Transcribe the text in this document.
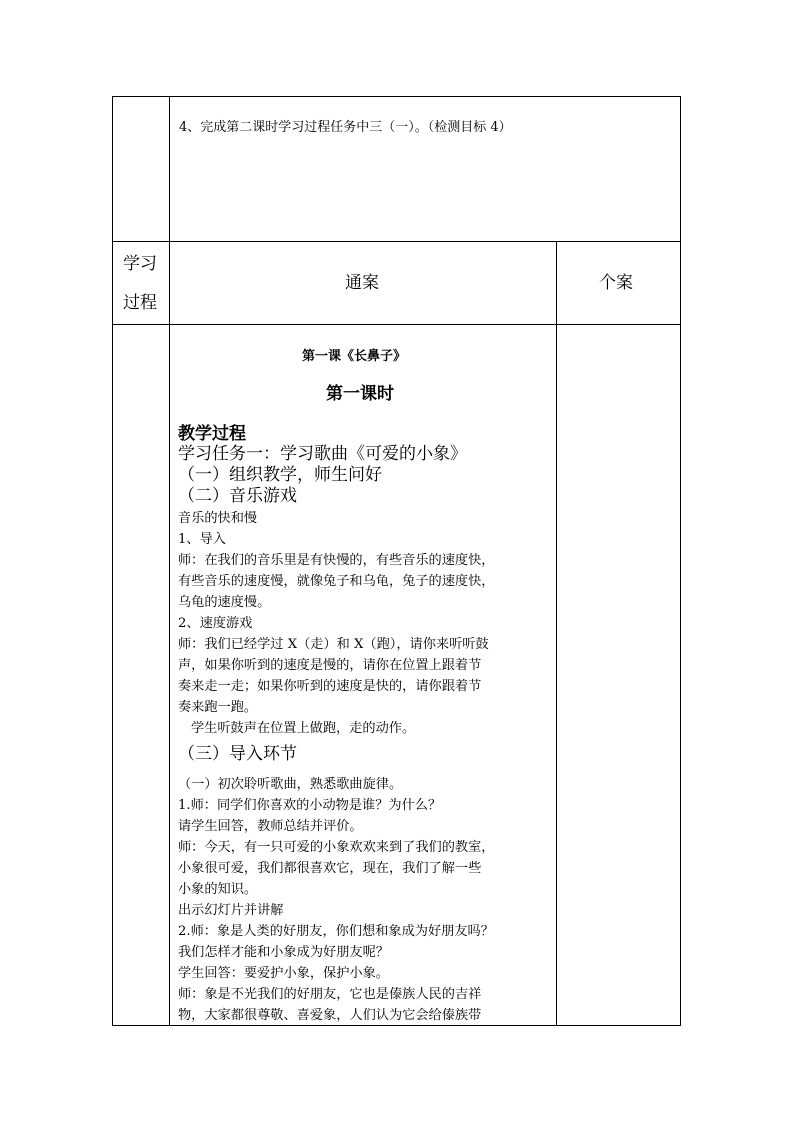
4、完成第二课时学习过程任务中三（一）。（检测目标 4）
学习
过程
通案	个案
第一课《长鼻子》
第一课时
教学过程
学习任务一：学习歌曲《可爱的小象》
（一）组织教学，师生问好
（二）音乐游戏
音乐的快和慢
1、导入
师：在我们的音乐里是有快慢的，有些音乐的速度快，
有些音乐的速度慢，就像兔子和乌龟，兔子的速度快，
乌龟的速度慢。
2、速度游戏
师：我们已经学过 X（走）和 X（跑），请你来听听鼓
声，如果你听到的速度是慢的，请你在位置上跟着节
奏来走一走；如果你听到的速度是快的，请你跟着节
奏来跑一跑。
学生听鼓声在位置上做跑，走的动作。
（三）导入环节
（一）初次聆听歌曲，熟悉歌曲旋律。
1.师：同学们你喜欢的小动物是谁？为什么？
请学生回答，教师总结并评价。
师：今天，有一只可爱的小象欢欢来到了我们的教室，
小象很可爱，我们都很喜欢它，现在，我们了解一些
小象的知识。
出示幻灯片并讲解
2.师：象是人类的好朋友，你们想和象成为好朋友吗？
我们怎样才能和小象成为好朋友呢？
学生回答：要爱护小象，保护小象。
师：象是不光我们的好朋友，它也是傣族人民的吉祥
物，大家都很尊敬、喜爱象，人们认为它会给傣族带
